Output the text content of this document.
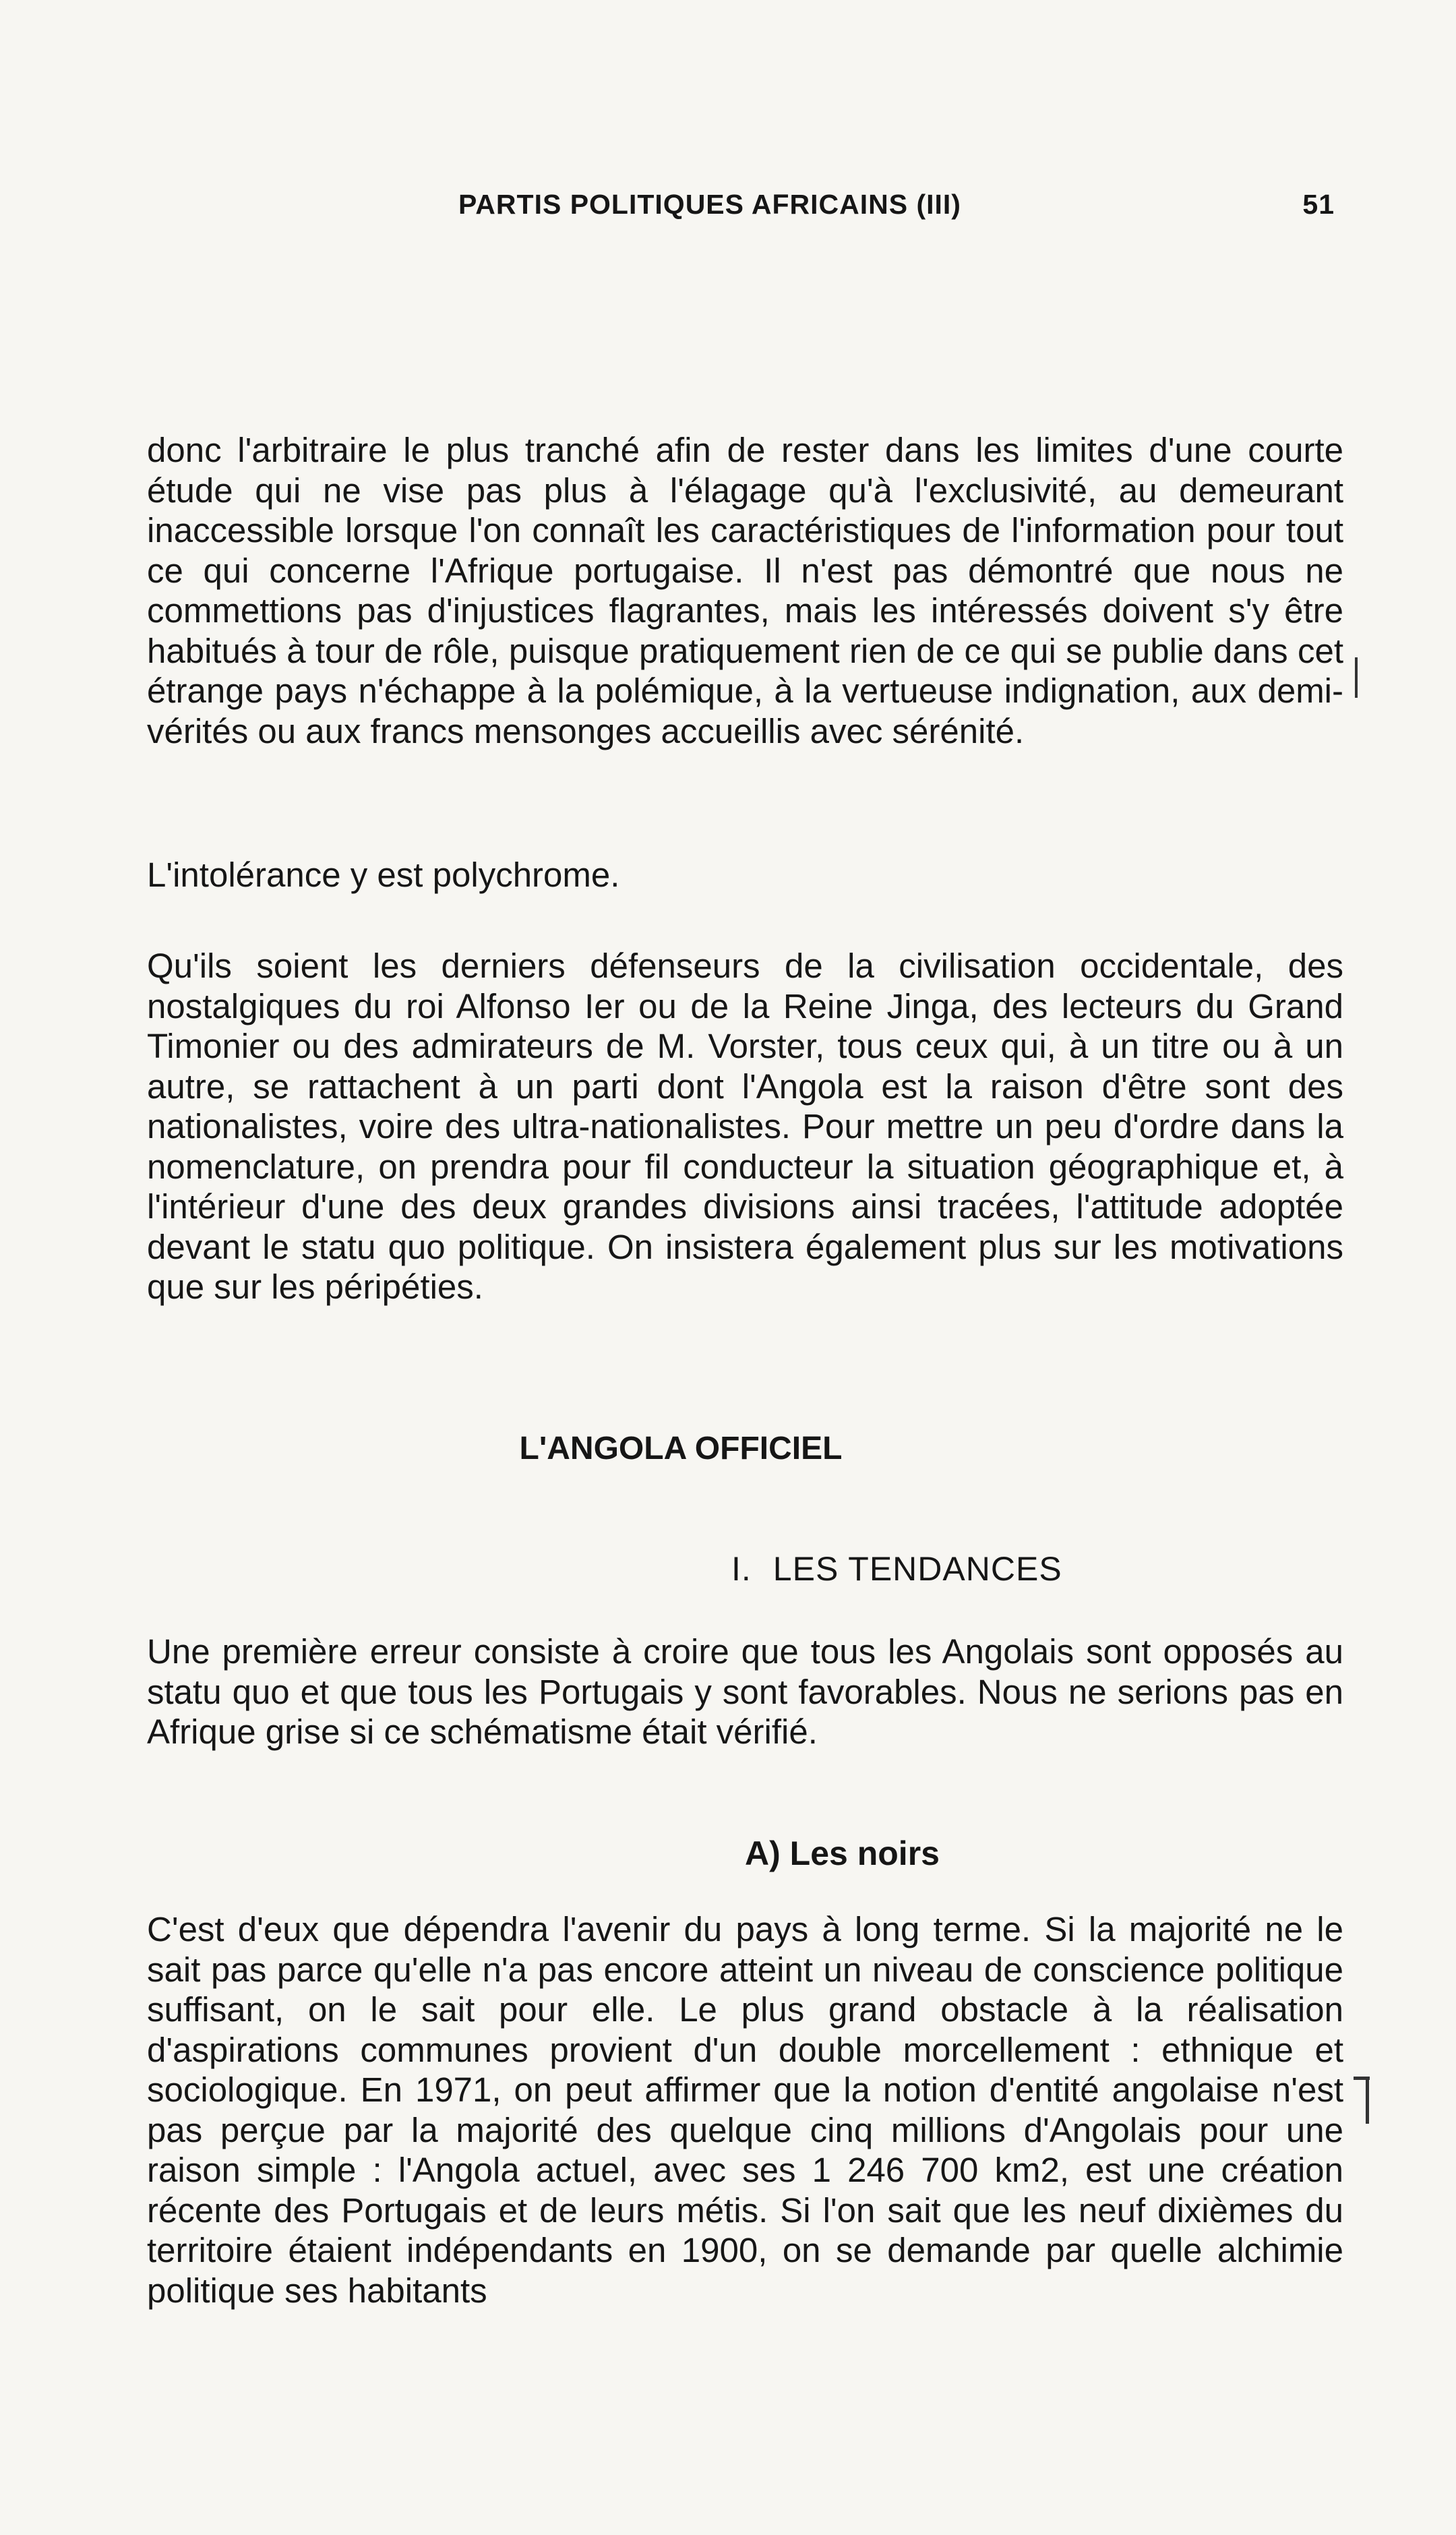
PARTIS POLITIQUES AFRICAINS (III)	51

donc l'arbitraire le plus tranché afin de rester dans les limites d'une courte étude qui ne vise pas plus à l'élagage qu'à l'exclusivité, au demeurant inaccessible lorsque l'on connaît les caractéristiques de l'information pour tout ce qui concerne l'Afrique portugaise. Il n'est pas démontré que nous ne commettions pas d'injustices flagrantes, mais les intéressés doivent s'y être habitués à tour de rôle, puisque pratiquement rien de ce qui se publie dans cet étrange pays n'échappe à la polémique, à la vertueuse indignation, aux demi-vérités ou aux francs mensonges accueillis avec sérénité.

L'intolérance y est polychrome.

Qu'ils soient les derniers défenseurs de la civilisation occidentale, des nostalgiques du roi Alfonso Ier ou de la Reine Jinga, des lecteurs du Grand Timonier ou des admirateurs de M. Vorster, tous ceux qui, à un titre ou à un autre, se rattachent à un parti dont l'Angola est la raison d'être sont des nationalistes, voire des ultra-nationalistes. Pour mettre un peu d'ordre dans la nomenclature, on prendra pour fil conducteur la situation géographique et, à l'intérieur d'une des deux grandes divisions ainsi tracées, l'attitude adoptée devant le statu quo politique. On insistera également plus sur les motivations que sur les péripéties.

L'ANGOLA OFFICIEL
I. LES TENDANCES

Une première erreur consiste à croire que tous les Angolais sont opposés au statu quo et que tous les Portugais y sont favorables. Nous ne serions pas en Afrique grise si ce schématisme était vérifié.

A) Les noirs

C'est d'eux que dépendra l'avenir du pays à long terme. Si la majorité ne le sait pas parce qu'elle n'a pas encore atteint un niveau de conscience politique suffisant, on le sait pour elle. Le plus grand obstacle à la réalisation d'aspirations communes provient d'un double morcellement : ethnique et sociologique. En 1971, on peut affirmer que la notion d'entité angolaise n'est pas perçue par la majorité des quelque cinq millions d'Angolais pour une raison simple : l'Angola actuel, avec ses 1 246 700 km2, est une création récente des Portugais et de leurs métis. Si l'on sait que les neuf dixièmes du territoire étaient indépendants en 1900, on se demande par quelle alchimie politique ses habitants
